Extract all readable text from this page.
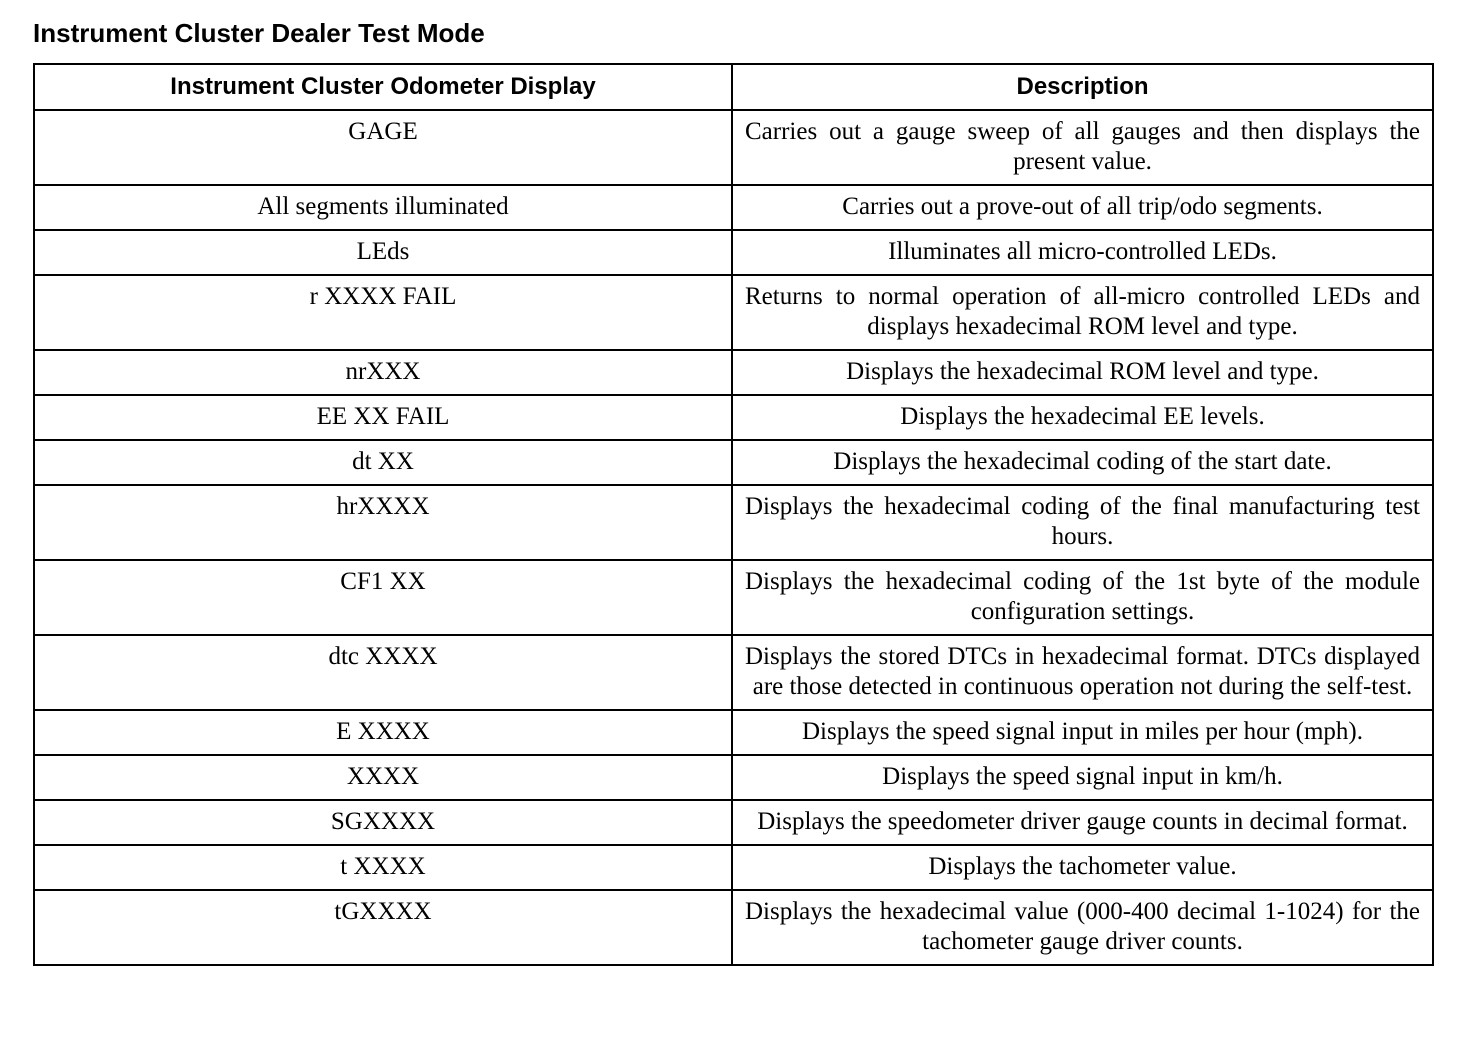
Instrument Cluster Dealer Test Mode
Instrument Cluster Odometer Display	Description
GAGE	Carries out a gauge sweep of all gauges and then displays the present value.
All segments illuminated	Carries out a prove-out of all trip/odo segments.
LEds	Illuminates all micro-controlled LEDs.
r XXXX FAIL	Returns to normal operation of all-micro controlled LEDs and displays hexadecimal ROM level and type.
nrXXX	Displays the hexadecimal ROM level and type.
EE XX FAIL	Displays the hexadecimal EE levels.
dt XX	Displays the hexadecimal coding of the start date.
hrXXXX	Displays the hexadecimal coding of the final manufacturing test hours.
CF1 XX	Displays the hexadecimal coding of the 1st byte of the module configuration settings.
dtc XXXX	Displays the stored DTCs in hexadecimal format. DTCs displayed are those detected in continuous operation not during the self-test.
E XXXX	Displays the speed signal input in miles per hour (mph).
XXXX	Displays the speed signal input in km/h.
SGXXXX	Displays the speedometer driver gauge counts in decimal format.
t XXXX	Displays the tachometer value.
tGXXXX	Displays the hexadecimal value (000-400 decimal 1-1024) for the tachometer gauge driver counts.
